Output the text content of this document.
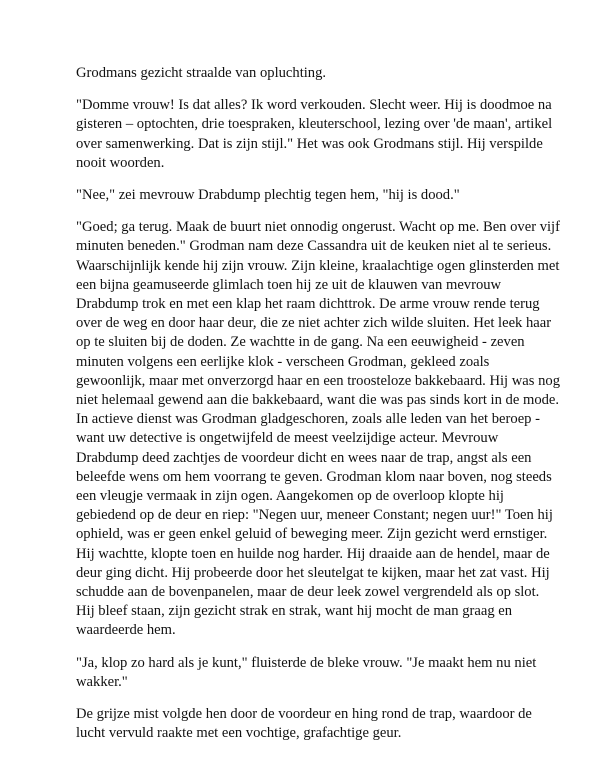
Grodmans gezicht straalde van opluchting.

"Domme vrouw! Is dat alles? Ik word verkouden. Slecht weer. Hij is doodmoe na gisteren – optochten, drie toespraken, kleuterschool, lezing over 'de maan', artikel over samenwerking. Dat is zijn stijl." Het was ook Grodmans stijl. Hij verspilde nooit woorden.

"Nee," zei mevrouw Drabdump plechtig tegen hem, "hij is dood."

"Goed; ga terug. Maak de buurt niet onnodig ongerust. Wacht op me. Ben over vijf minuten beneden." Grodman nam deze Cassandra uit de keuken niet al te serieus. Waarschijnlijk kende hij zijn vrouw. Zijn kleine, kraalachtige ogen glinsterden met een bijna geamuseerde glimlach toen hij ze uit de klauwen van mevrouw Drabdump trok en met een klap het raam dichttrok. De arme vrouw rende terug over de weg en door haar deur, die ze niet achter zich wilde sluiten. Het leek haar op te sluiten bij de doden. Ze wachtte in de gang. Na een eeuwigheid - zeven minuten volgens een eerlijke klok - verscheen Grodman, gekleed zoals gewoonlijk, maar met onverzorgd haar en een troosteloze bakkebaard. Hij was nog niet helemaal gewend aan die bakkebaard, want die was pas sinds kort in de mode. In actieve dienst was Grodman gladgeschoren, zoals alle leden van het beroep - want uw detective is ongetwijfeld de meest veelzijdige acteur. Mevrouw Drabdump deed zachtjes de voordeur dicht en wees naar de trap, angst als een beleefde wens om hem voorrang te geven. Grodman klom naar boven, nog steeds een vleugje vermaak in zijn ogen. Aangekomen op de overloop klopte hij gebiedend op de deur en riep: "Negen uur, meneer Constant; negen uur!" Toen hij ophield, was er geen enkel geluid of beweging meer. Zijn gezicht werd ernstiger. Hij wachtte, klopte toen en huilde nog harder. Hij draaide aan de hendel, maar de deur ging dicht. Hij probeerde door het sleutelgat te kijken, maar het zat vast. Hij schudde aan de bovenpanelen, maar de deur leek zowel vergrendeld als op slot. Hij bleef staan, zijn gezicht strak en strak, want hij mocht de man graag en waardeerde hem.

"Ja, klop zo hard als je kunt," fluisterde de bleke vrouw. "Je maakt hem nu niet wakker."

De grijze mist volgde hen door de voordeur en hing rond de trap, waardoor de lucht vervuld raakte met een vochtige, grafachtige geur.
